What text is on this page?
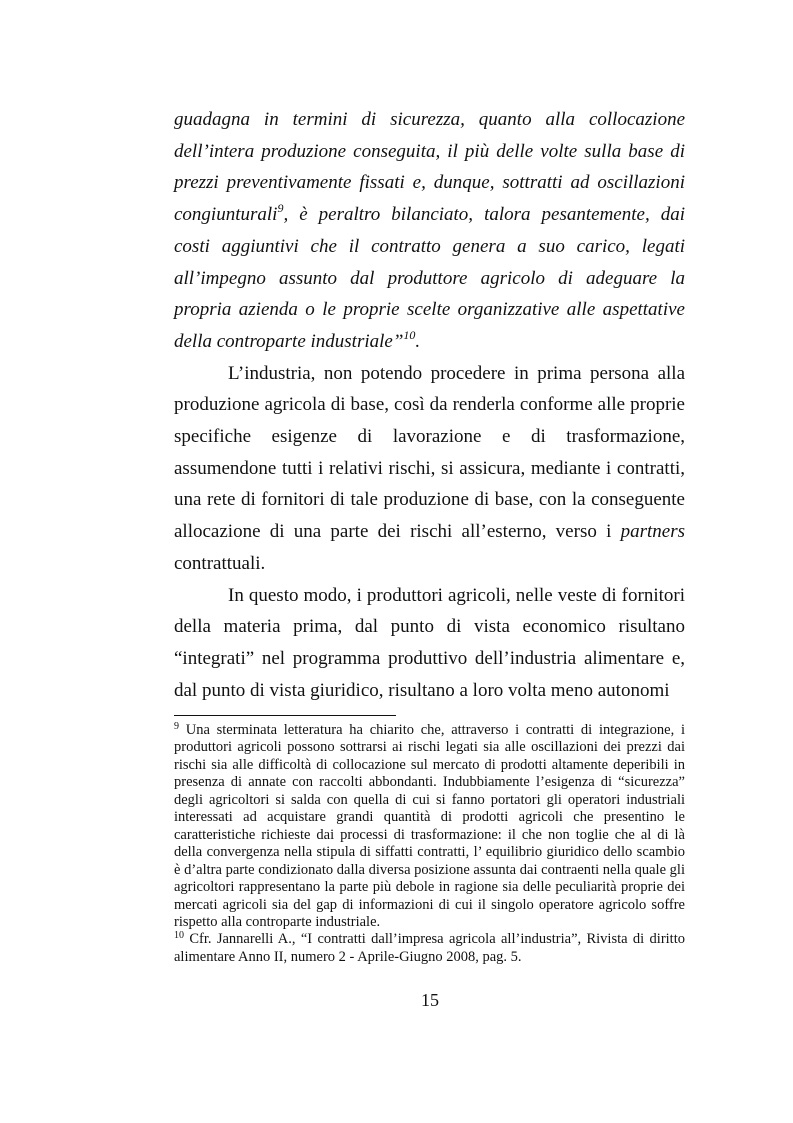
guadagna in termini di sicurezza, quanto alla collocazione dell’intera produzione conseguita, il più delle volte sulla base di prezzi preventivamente fissati e, dunque, sottratti ad oscillazioni congiunturali$^9$, è peraltro bilanciato, talora pesantemente, dai costi aggiuntivi che il contratto genera a suo carico, legati all’impegno assunto dal produttore agricolo di adeguare la propria azienda o le proprie scelte organizzative alle aspettative della controparte industriale”$^{10}$.

L’industria, non potendo procedere in prima persona alla produzione agricola di base, così da renderla conforme alle proprie specifiche esigenze di lavorazione e di trasformazione, assumendone tutti i relativi rischi, si assicura, mediante i contratti, una rete di fornitori di tale produzione di base, con la conseguente allocazione di una parte dei rischi all’esterno, verso i partners contrattuali.

In questo modo, i produttori agricoli, nelle veste di fornitori della materia prima, dal punto di vista economico risultano “integrati” nel programma produttivo dell’industria alimentare e, dal punto di vista giuridico, risultano a loro volta meno autonomi

$^9$ Una sterminata letteratura ha chiarito che, attraverso i contratti di integrazione, i produttori agricoli possono sottrarsi ai rischi legati sia alle oscillazioni dei prezzi dai rischi sia alle difficoltà di collocazione sul mercato di prodotti altamente deperibili in presenza di annate con raccolti abbondanti. Indubbiamente l’esigenza di “sicurezza” degli agricoltori si salda con quella di cui si fanno portatori gli operatori industriali interessati ad acquistare grandi quantità di prodotti agricoli che presentino le caratteristiche richieste dai processi di trasformazione: il che non toglie che al di là della convergenza nella stipula di siffatti contratti, l’ equilibrio giuridico dello scambio è d’altra parte condizionato dalla diversa posizione assunta dai contraenti nella quale gli agricoltori rappresentano la parte più debole in ragione sia delle peculiarità proprie dei mercati agricoli sia del gap di informazioni di cui il singolo operatore agricolo soffre rispetto alla controparte industriale.

$^{10}$ Cfr. Jannarelli A., “I contratti dall’impresa agricola all’industria”, Rivista di diritto alimentare Anno II, numero 2 - Aprile-Giugno 2008, pag. 5.

15
